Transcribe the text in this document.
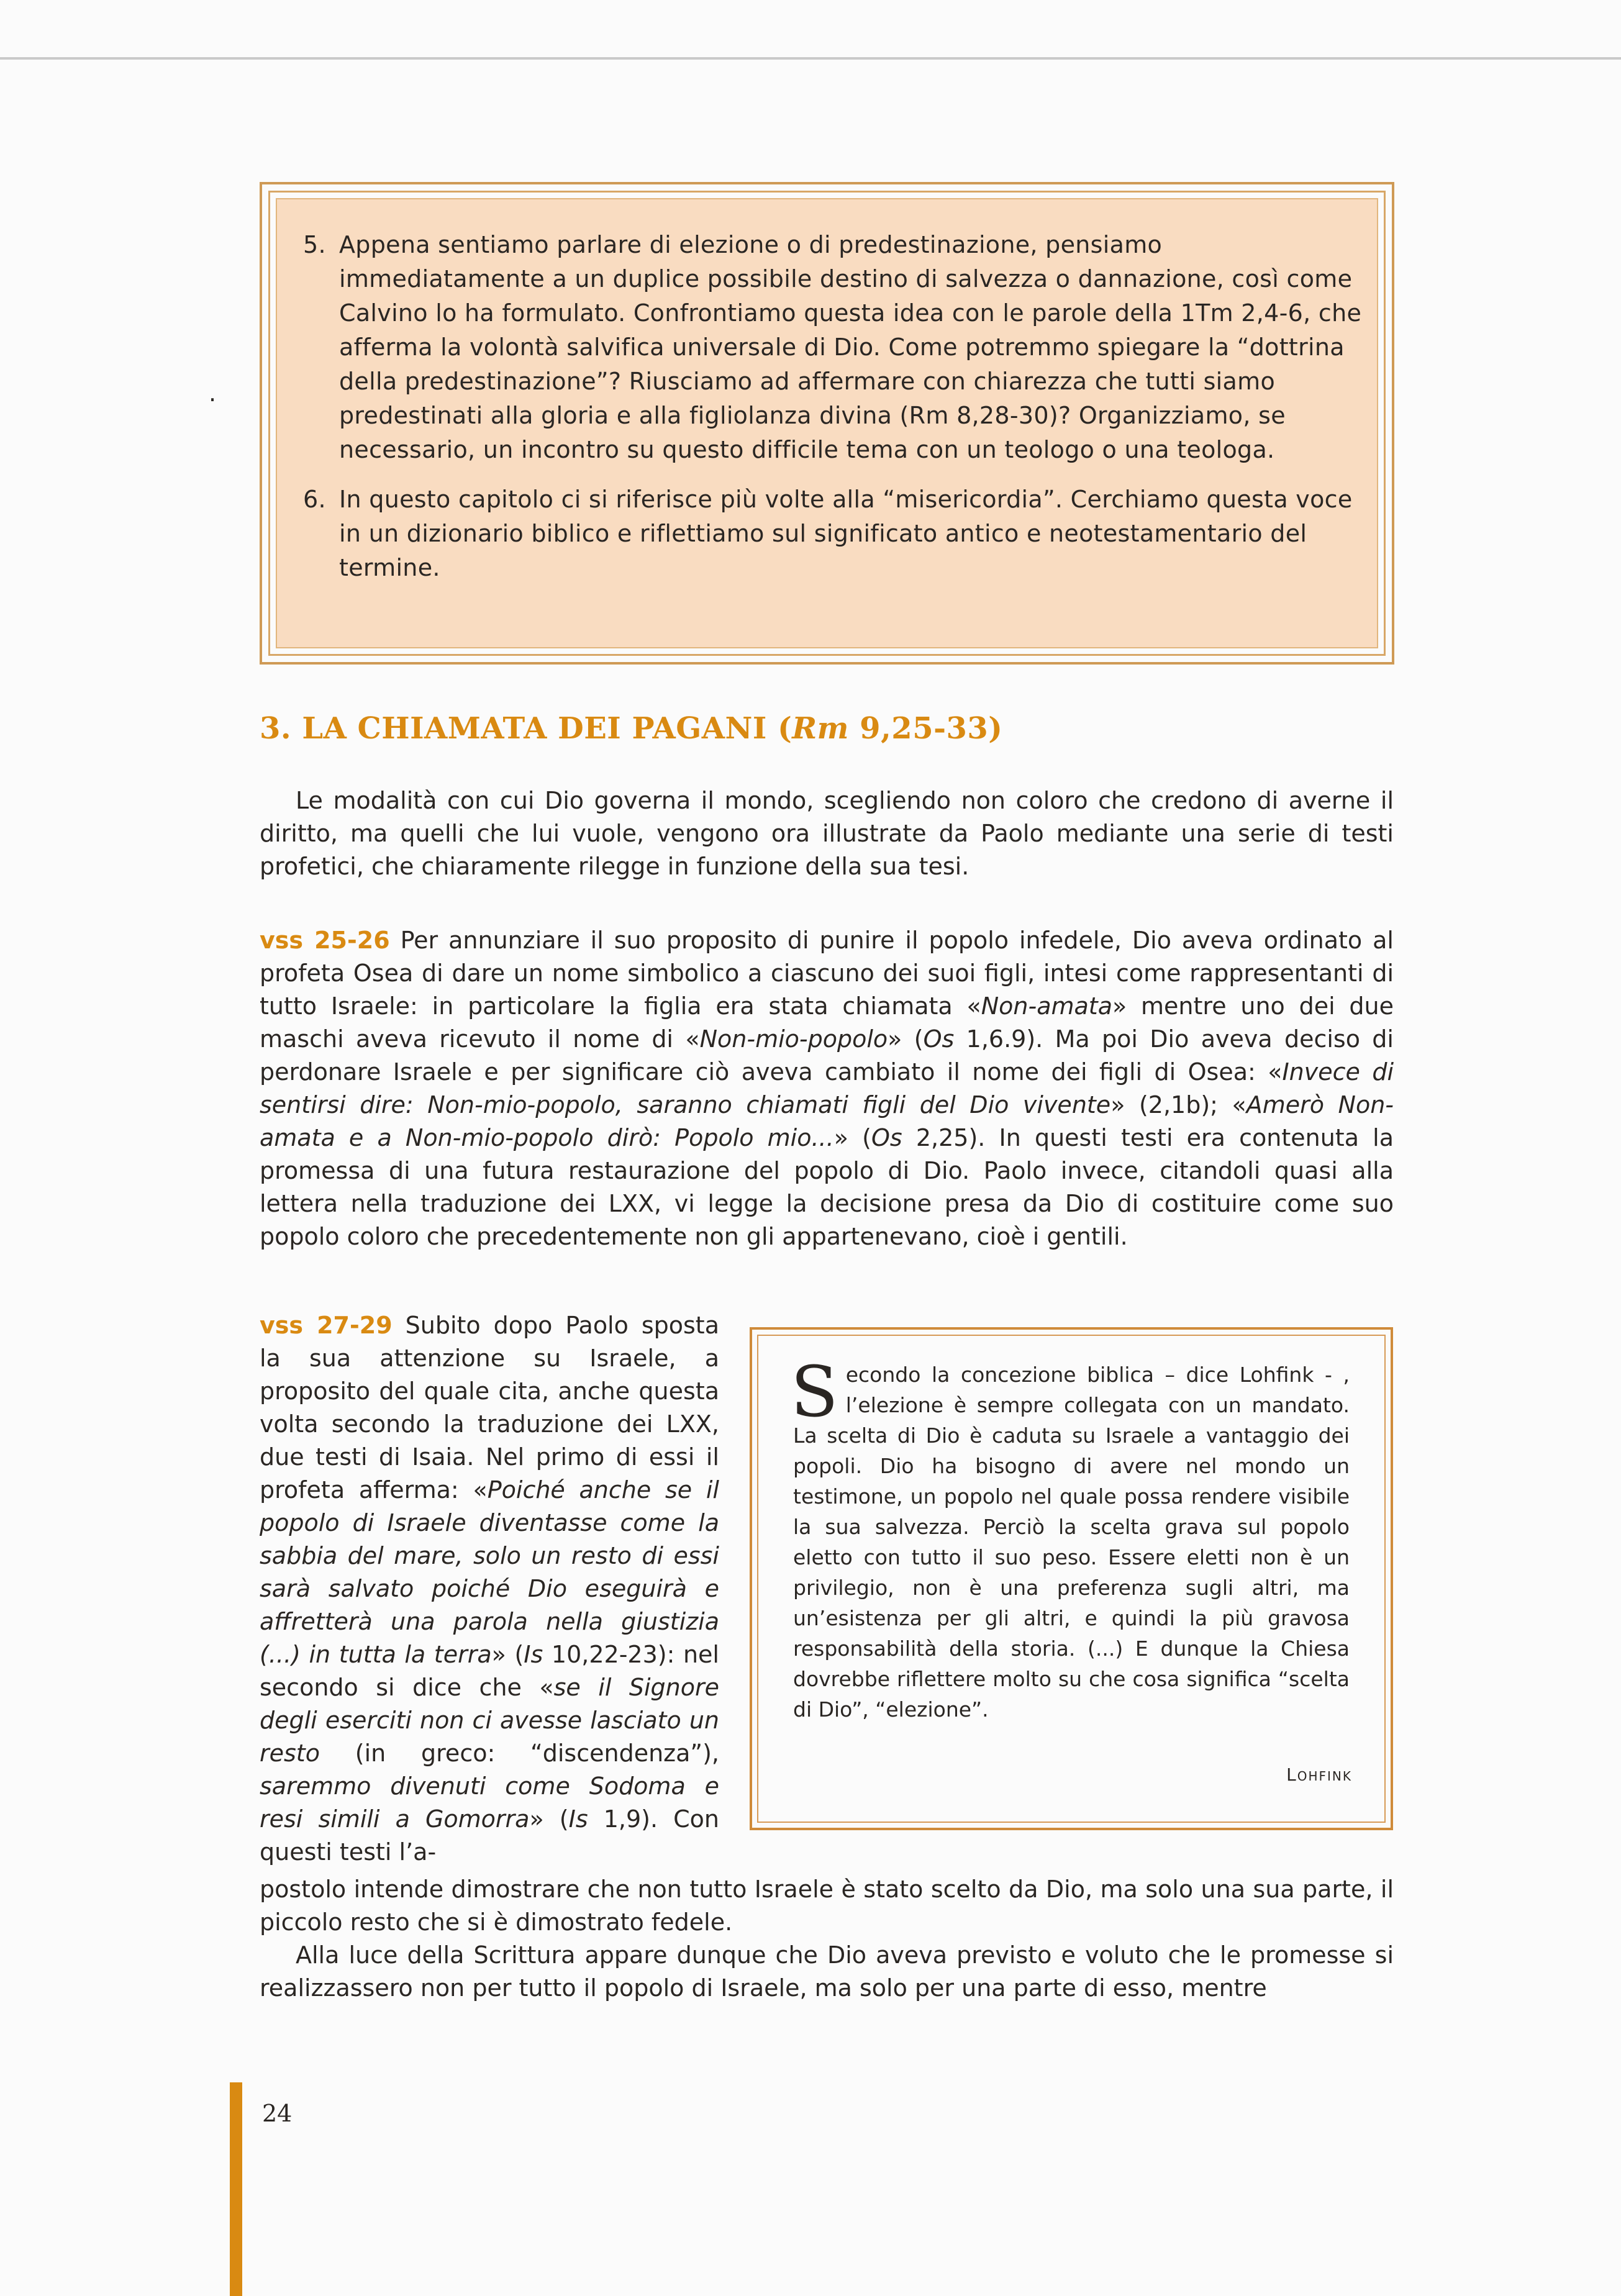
5.
·
Appena sentiamo parlare di elezione o di predestinazione, pensiamo immediatamente a un duplice possibile destino di salvezza o dannazione, così come Calvino lo ha formulato. Confrontiamo questa idea con le parole della 1Tm 2,4-6, che afferma la volontà salvifica universale di Dio. Come potremmo spiegare la “dottrina della predestinazione”? Riusciamo ad affermare con chiarezza che tutti siamo predestinati alla gloria e alla figliolanza divina (Rm 8,28-30)? Organizziamo, se necessario, un incontro su questo difficile tema con un teologo o una teologa.
6. In questo capitolo ci si riferisce più volte alla “misericordia”. Cerchiamo questa voce in un dizionario biblico e riflettiamo sul significato antico e neotestamentario del termine.
3. LA CHIAMATA DEI PAGANI (Rm 9,25-33)

Le modalità con cui Dio governa il mondo, scegliendo non coloro che credono di averne il diritto, ma quelli che lui vuole, vengono ora illustrate da Paolo mediante una serie di testi profetici, che chiaramente rilegge in funzione della sua tesi.

vss 25-26 Per annunziare il suo proposito di punire il popolo infedele, Dio aveva ordinato al profeta Osea di dare un nome simbolico a ciascuno dei suoi figli, intesi come rappresentanti di tutto Israele: in particolare la figlia era stata chiamata «Non-amata» mentre uno dei due maschi aveva ricevuto il nome di «Non-mio-popolo» (Os 1,6.9). Ma poi Dio aveva deciso di perdonare Israele e per significare ciò aveva cambiato il nome dei figli di Osea: «Invece di sentirsi dire: Non-mio-popolo, saranno chiamati figli del Dio vivente» (2,1b); «Amerò Non-amata e a Non-mio-popolo dirò: Popolo mio...» (Os 2,25). In questi testi era contenuta la promessa di una futura restaurazione del popolo di Dio. Paolo invece, citandoli quasi alla lettera nella traduzione dei LXX, vi legge la decisione presa da Dio di costituire come suo popolo coloro che precedentemente non gli appartenevano, cioè i gentili.

vss 27-29 Subito dopo Paolo sposta la sua attenzione su Israele, a proposito del quale cita, anche questa volta secondo la traduzione dei LXX, due testi di Isaia. Nel primo di essi il profeta afferma: «Poiché anche se il popolo di Israele diventasse come la sabbia del mare, solo un resto di essi sarà salvato poiché Dio eseguirà e affretterà una parola nella giustizia (...) in tutta la terra» (Is 10,22-23): nel secondo si dice che «se il Signore degli eserciti non ci avesse lasciato un resto (in greco: “discendenza”), saremmo divenuti come Sodoma e resi simili a Gomorra» (Is 1,9). Con questi testi l’a-

Secondo la concezione biblica – dice Lohfink - , l’elezione è sempre collegata con un mandato. La scelta di Dio è caduta su Israele a vantaggio dei popoli. Dio ha bisogno di avere nel mondo un testimone, un popolo nel quale possa rendere visibile la sua salvezza. Perciò la scelta grava sul popolo eletto con tutto il suo peso. Essere eletti non è un privilegio, non è una preferenza sugli altri, ma un’esistenza per gli altri, e quindi la più gravosa responsabilità della storia. (...) E dunque la Chiesa dovrebbe riflettere molto su che cosa significa “scelta di Dio”, “elezione”.

Lohfink

postolo intende dimostrare che non tutto Israele è stato scelto da Dio, ma solo una sua parte, il piccolo resto che si è dimostrato fedele.

Alla luce della Scrittura appare dunque che Dio aveva previsto e voluto che le promesse si realizzassero non per tutto il popolo di Israele, ma solo per una parte di esso, mentre

24
